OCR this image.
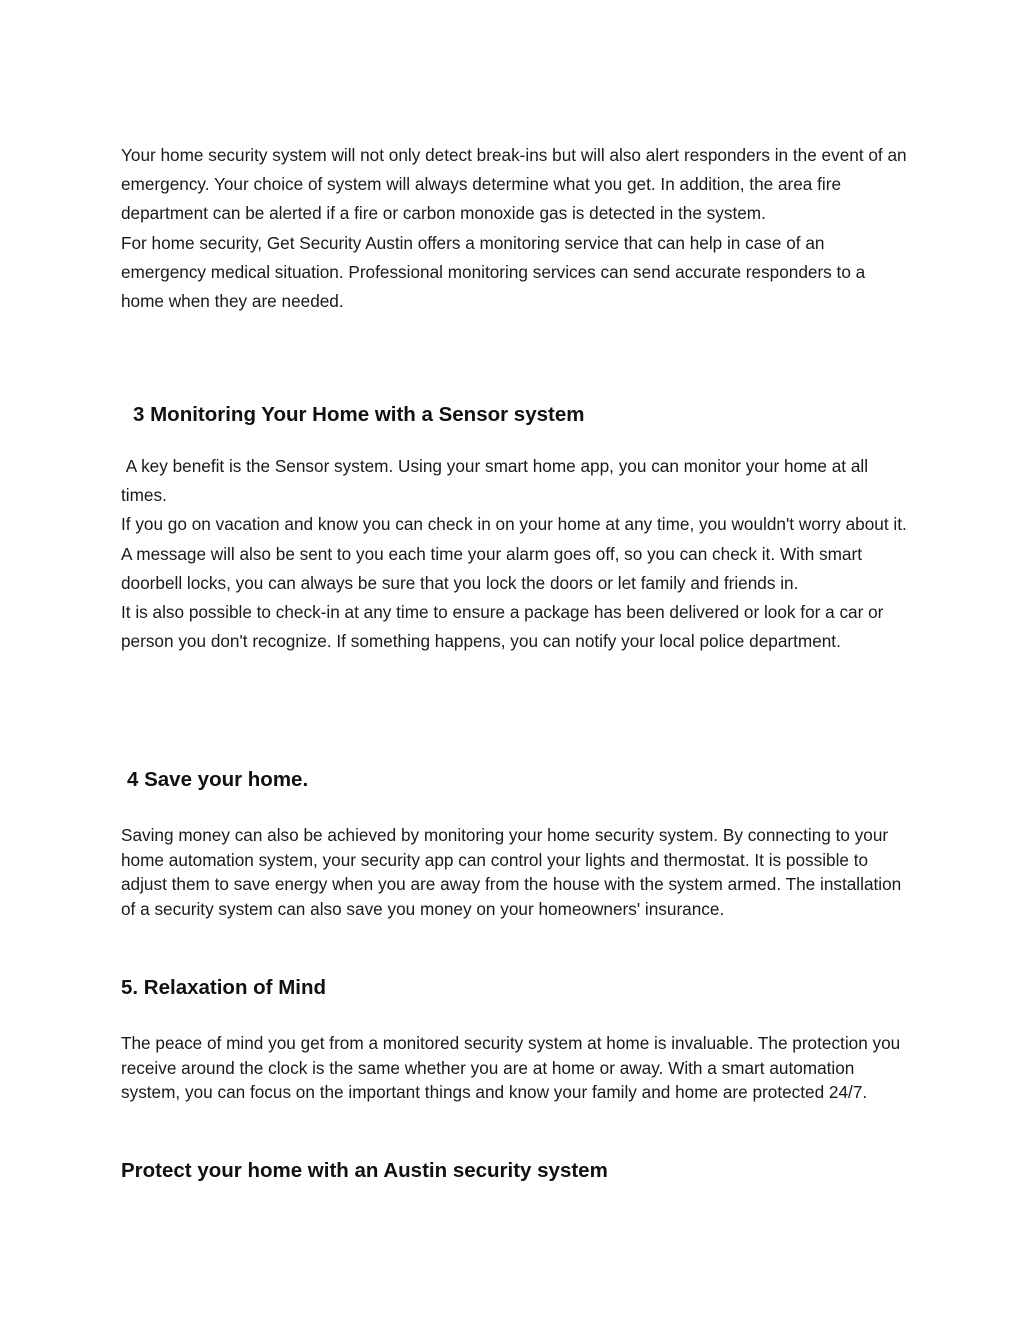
Your home security system will not only detect break-ins but will also alert responders in the event of an emergency. Your choice of system will always determine what you get. In addition, the area fire department can be alerted if a fire or carbon monoxide gas is detected in the system.

For home security, Get Security Austin offers a monitoring service that can help in case of an emergency medical situation. Professional monitoring services can send accurate responders to a home when they are needed.

3 Monitoring Your Home with a Sensor system

A key benefit is the Sensor system. Using your smart home app, you can monitor your home at all times.

If you go on vacation and know you can check in on your home at any time, you wouldn't worry about it. A message will also be sent to you each time your alarm goes off, so you can check it. With smart doorbell locks, you can always be sure that you lock the doors or let family and friends in.

It is also possible to check-in at any time to ensure a package has been delivered or look for a car or person you don't recognize. If something happens, you can notify your local police department.

4 Save your home.

Saving money can also be achieved by monitoring your home security system. By connecting to your home automation system, your security app can control your lights and thermostat. It is possible to adjust them to save energy when you are away from the house with the system armed. The installation of a security system can also save you money on your homeowners' insurance.

5. Relaxation of Mind

The peace of mind you get from a monitored security system at home is invaluable. The protection you receive around the clock is the same whether you are at home or away. With a smart automation system, you can focus on the important things and know your family and home are protected 24/7.

Protect your home with an Austin security system
